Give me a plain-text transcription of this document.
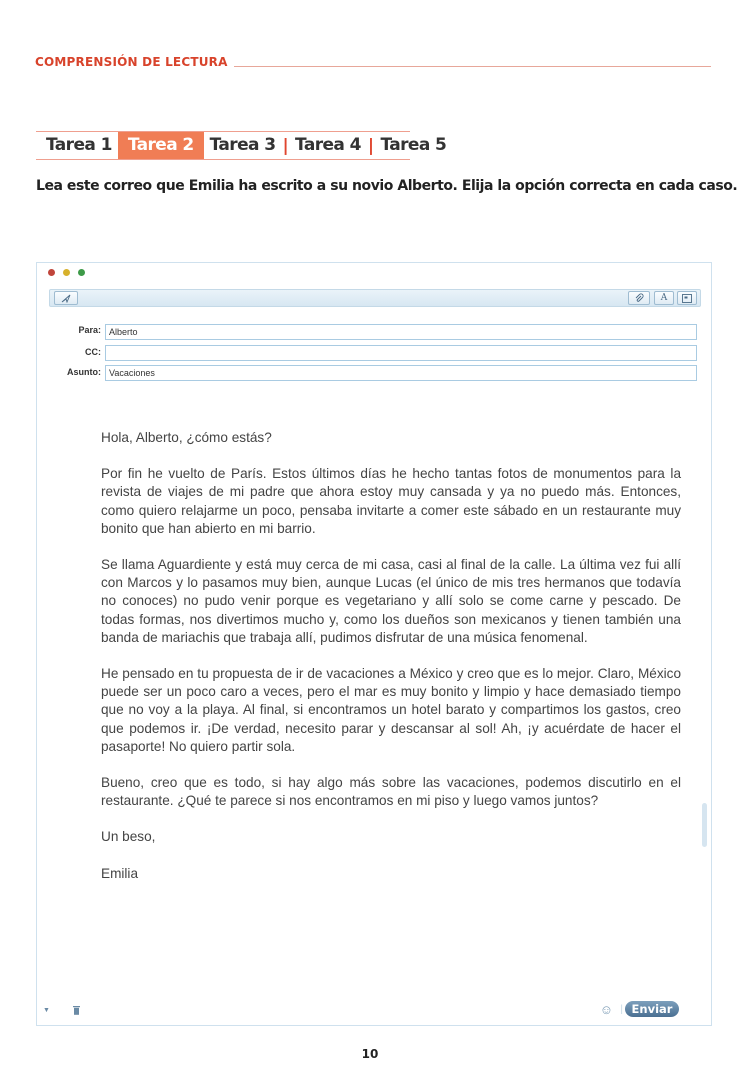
COMPRENSIÓN DE LECTURA
Tarea 1 Tarea 2 Tarea 3 | Tarea 4 | Tarea 5
Lea este correo que Emilia ha escrito a su novio Alberto. Elija la opción correcta en cada caso.
A
Para: Alberto
CC:
Asunto: Vacaciones

Hola, Alberto, ¿cómo estás?

Por fin he vuelto de París. Estos últimos días he hecho tantas fotos de monumentos para la revista de viajes de mi padre que ahora estoy muy cansada y ya no puedo más. Entonces, como quiero relajarme un poco, pensaba invitarte a comer este sábado en un restaurante muy bonito que han abierto en mi barrio.

Se llama Aguardiente y está muy cerca de mi casa, casi al final de la calle. La última vez fui allí con Marcos y lo pasamos muy bien, aunque Lucas (el único de mis tres hermanos que todavía no conoces) no pudo venir porque es vegetariano y allí solo se come carne y pescado. De todas formas, nos divertimos mucho y, como los dueños son mexicanos y tienen también una banda de mariachis que trabaja allí, pudimos disfrutar de una música fenomenal.

He pensado en tu propuesta de ir de vacaciones a México y creo que es lo mejor. Claro, México puede ser un poco caro a veces, pero el mar es muy bonito y limpio y hace demasiado tiempo que no voy a la playa. Al final, si encontramos un hotel barato y compartimos los gastos, creo que podemos ir. ¡De verdad, necesito parar y descansar al sol! Ah, ¡y acuérdate de hacer el pasaporte! No quiero partir sola.

Bueno, creo que es todo, si hay algo más sobre las vacaciones, podemos discutirlo en el restaurante. ¿Qué te parece si nos encontramos en mi piso y luego vamos juntos?

Un beso,

Emilia

▼	☺ | Enviar
10
